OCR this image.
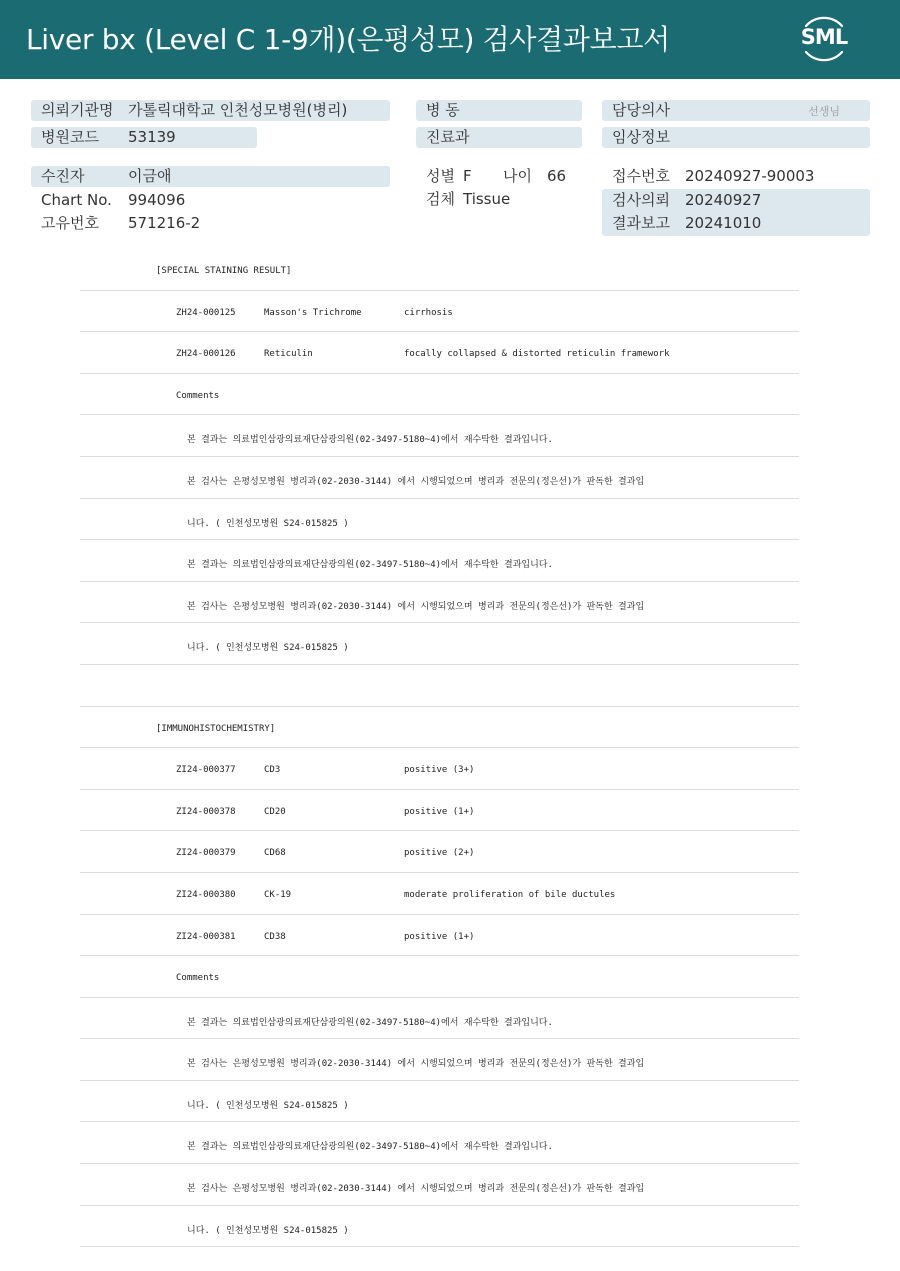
Liver bx (Level C 1-9개)(은평성모) 검사결과보고서	SML
의뢰기관명 가톨릭대학교 인천성모병원(병리)
병원코드 53139
수진자	이금애
Chart No. 994096
고유번호 571216-2
병 동
진료과
성별 F 나이 66
검체 Tissue
담당의사	선생님
임상정보
접수번호 20240927-90003
검사의뢰 20240927
결과보고 20241010
[SPECIAL STAINING RESULT]
ZH24-000125	Masson's Trichrome	cirrhosis
ZH24-000126	Reticulin	focally collapsed & distorted reticulin framework
Comments
본 결과는 의료법인삼광의료재단삼광의원(02-3497-5180~4)에서 재수탁한 결과입니다.
본 검사는 은평성모병원 병리과(02-2030-3144) 에서 시행되었으며 병리과 전문의(정은선)가 판독한 결과입
니다. ( 인천성모병원 S24-015825 )
본 결과는 의료법인삼광의료재단삼광의원(02-3497-5180~4)에서 재수탁한 결과입니다.
본 검사는 은평성모병원 병리과(02-2030-3144) 에서 시행되었으며 병리과 전문의(정은선)가 판독한 결과입
니다. ( 인천성모병원 S24-015825 )
[IMMUNOHISTOCHEMISTRY]
ZI24-000377	CD3	positive (3+)
ZI24-000378	CD20	positive (1+)
ZI24-000379	CD68	positive (2+)
ZI24-000380	CK-19	moderate proliferation of bile ductules
ZI24-000381	CD38	positive (1+)
Comments
본 결과는 의료법인삼광의료재단삼광의원(02-3497-5180~4)에서 재수탁한 결과입니다.
본 검사는 은평성모병원 병리과(02-2030-3144) 에서 시행되었으며 병리과 전문의(정은선)가 판독한 결과입
니다. ( 인천성모병원 S24-015825 )
본 결과는 의료법인삼광의료재단삼광의원(02-3497-5180~4)에서 재수탁한 결과입니다.
본 검사는 은평성모병원 병리과(02-2030-3144) 에서 시행되었으며 병리과 전문의(정은선)가 판독한 결과입
니다. ( 인천성모병원 S24-015825 )
